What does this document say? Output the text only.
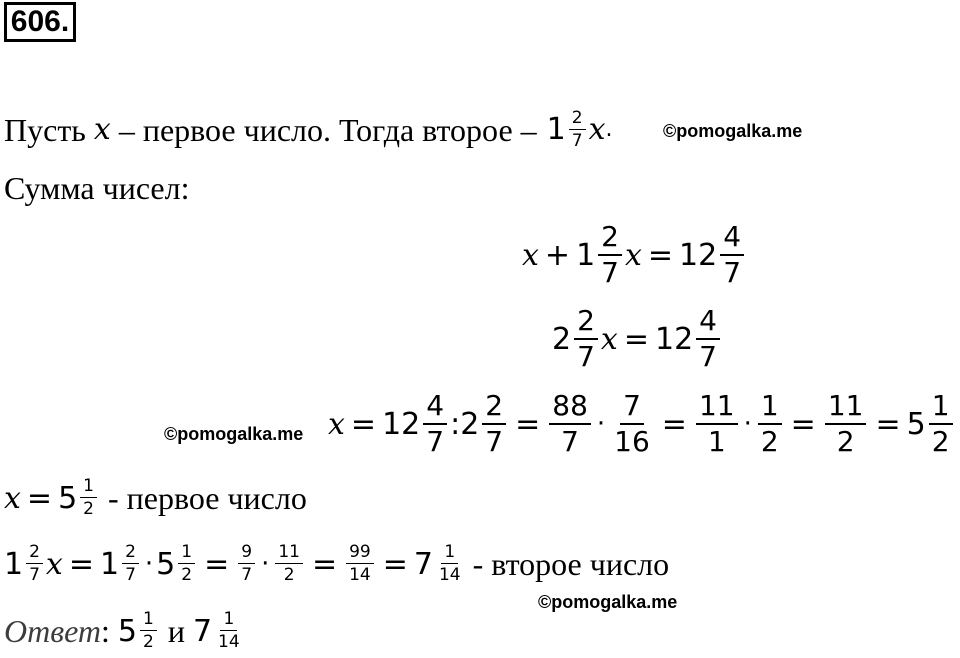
606.
Пусть x – первое число. Тогда второе – $1 \frac{2}{7}$ x .	©pomogalka.me
Сумма чисел:
$x + 1 \frac{2}{7}$ $x = 12 \frac{4}{7}$
$2 \frac{2}{7}$ $x = 12 \frac{4}{7}$
©pomogalka.me $x = 12 \frac{4}{7}$ : $2 \frac{2}{7} = \frac{88}{7} \cdot \frac{7}{16} = \frac{11}{1} \cdot \frac{1}{2} = \frac{11}{2} = 5 \frac{1}{2}$
$x = 5 \frac{1}{2}$ - первое число
$1 \frac{2}{7}$ $x = 1 \frac{2}{7} \cdot 5 \frac{1}{2} = \frac{9}{7} \cdot \frac{11}{2} = \frac{99}{14} = 7 \frac{1}{14}$ - второе число
©pomogalka.me
Ответ : $5 \frac{1}{2}$ и $7 \frac{1}{14}$
